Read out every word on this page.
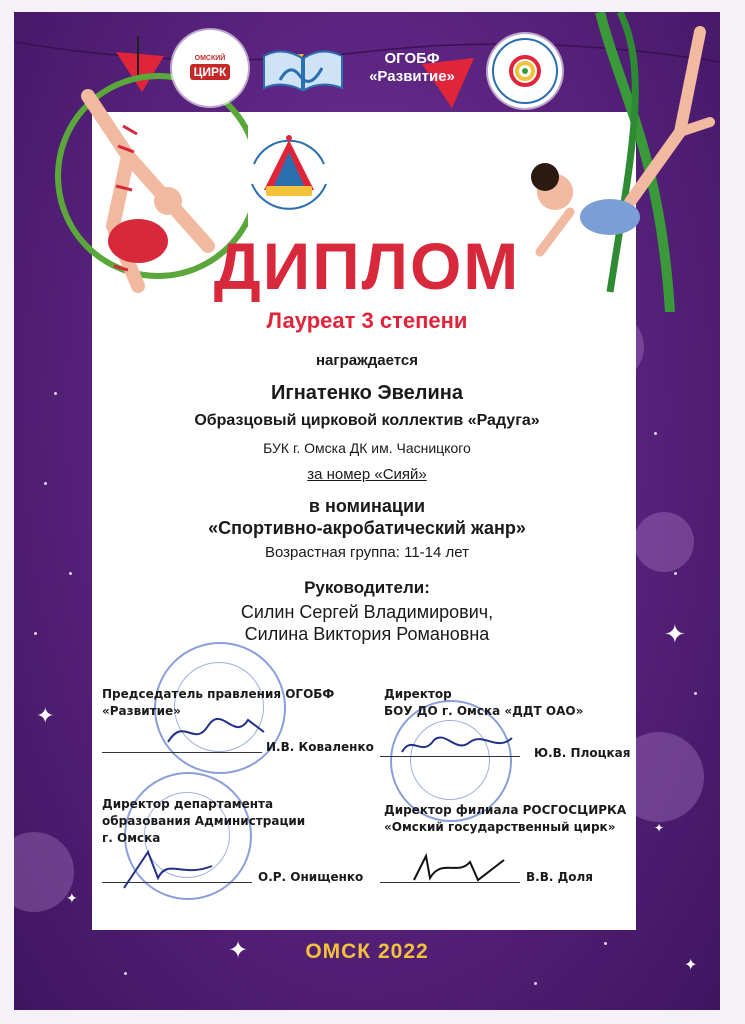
✦
✦
✦
✦
✦
✦
ОМСКИЙ
ЦИРК
ОГОБФ «Развитие»
ДИПЛОМ
Лауреат 3 степени
награждается
Игнатенко Эвелина
Образцовый цирковой коллектив «Радуга»
БУК г. Омска ДК им. Часницкого
за номер «Сияй»
в номинации
«Спортивно-акробатический жанр»
Возрастная группа: 11-14 лет
Руководители:
Силин Сергей Владимирович,
Силина Виктория Романовна
Председатель правления ОГОБФ
«Развитие»
И.В. Коваленко
Директор
БОУ ДО г. Омска «ДДТ ОАО»
Ю.В. Плоцкая
Директор департамента
образования Администрации
г. Омска
О.Р. Онищенко
Директор филиала РОСГОСЦИРКА
«Омский государственный цирк»
В.В. Доля
ОМСК 2022
